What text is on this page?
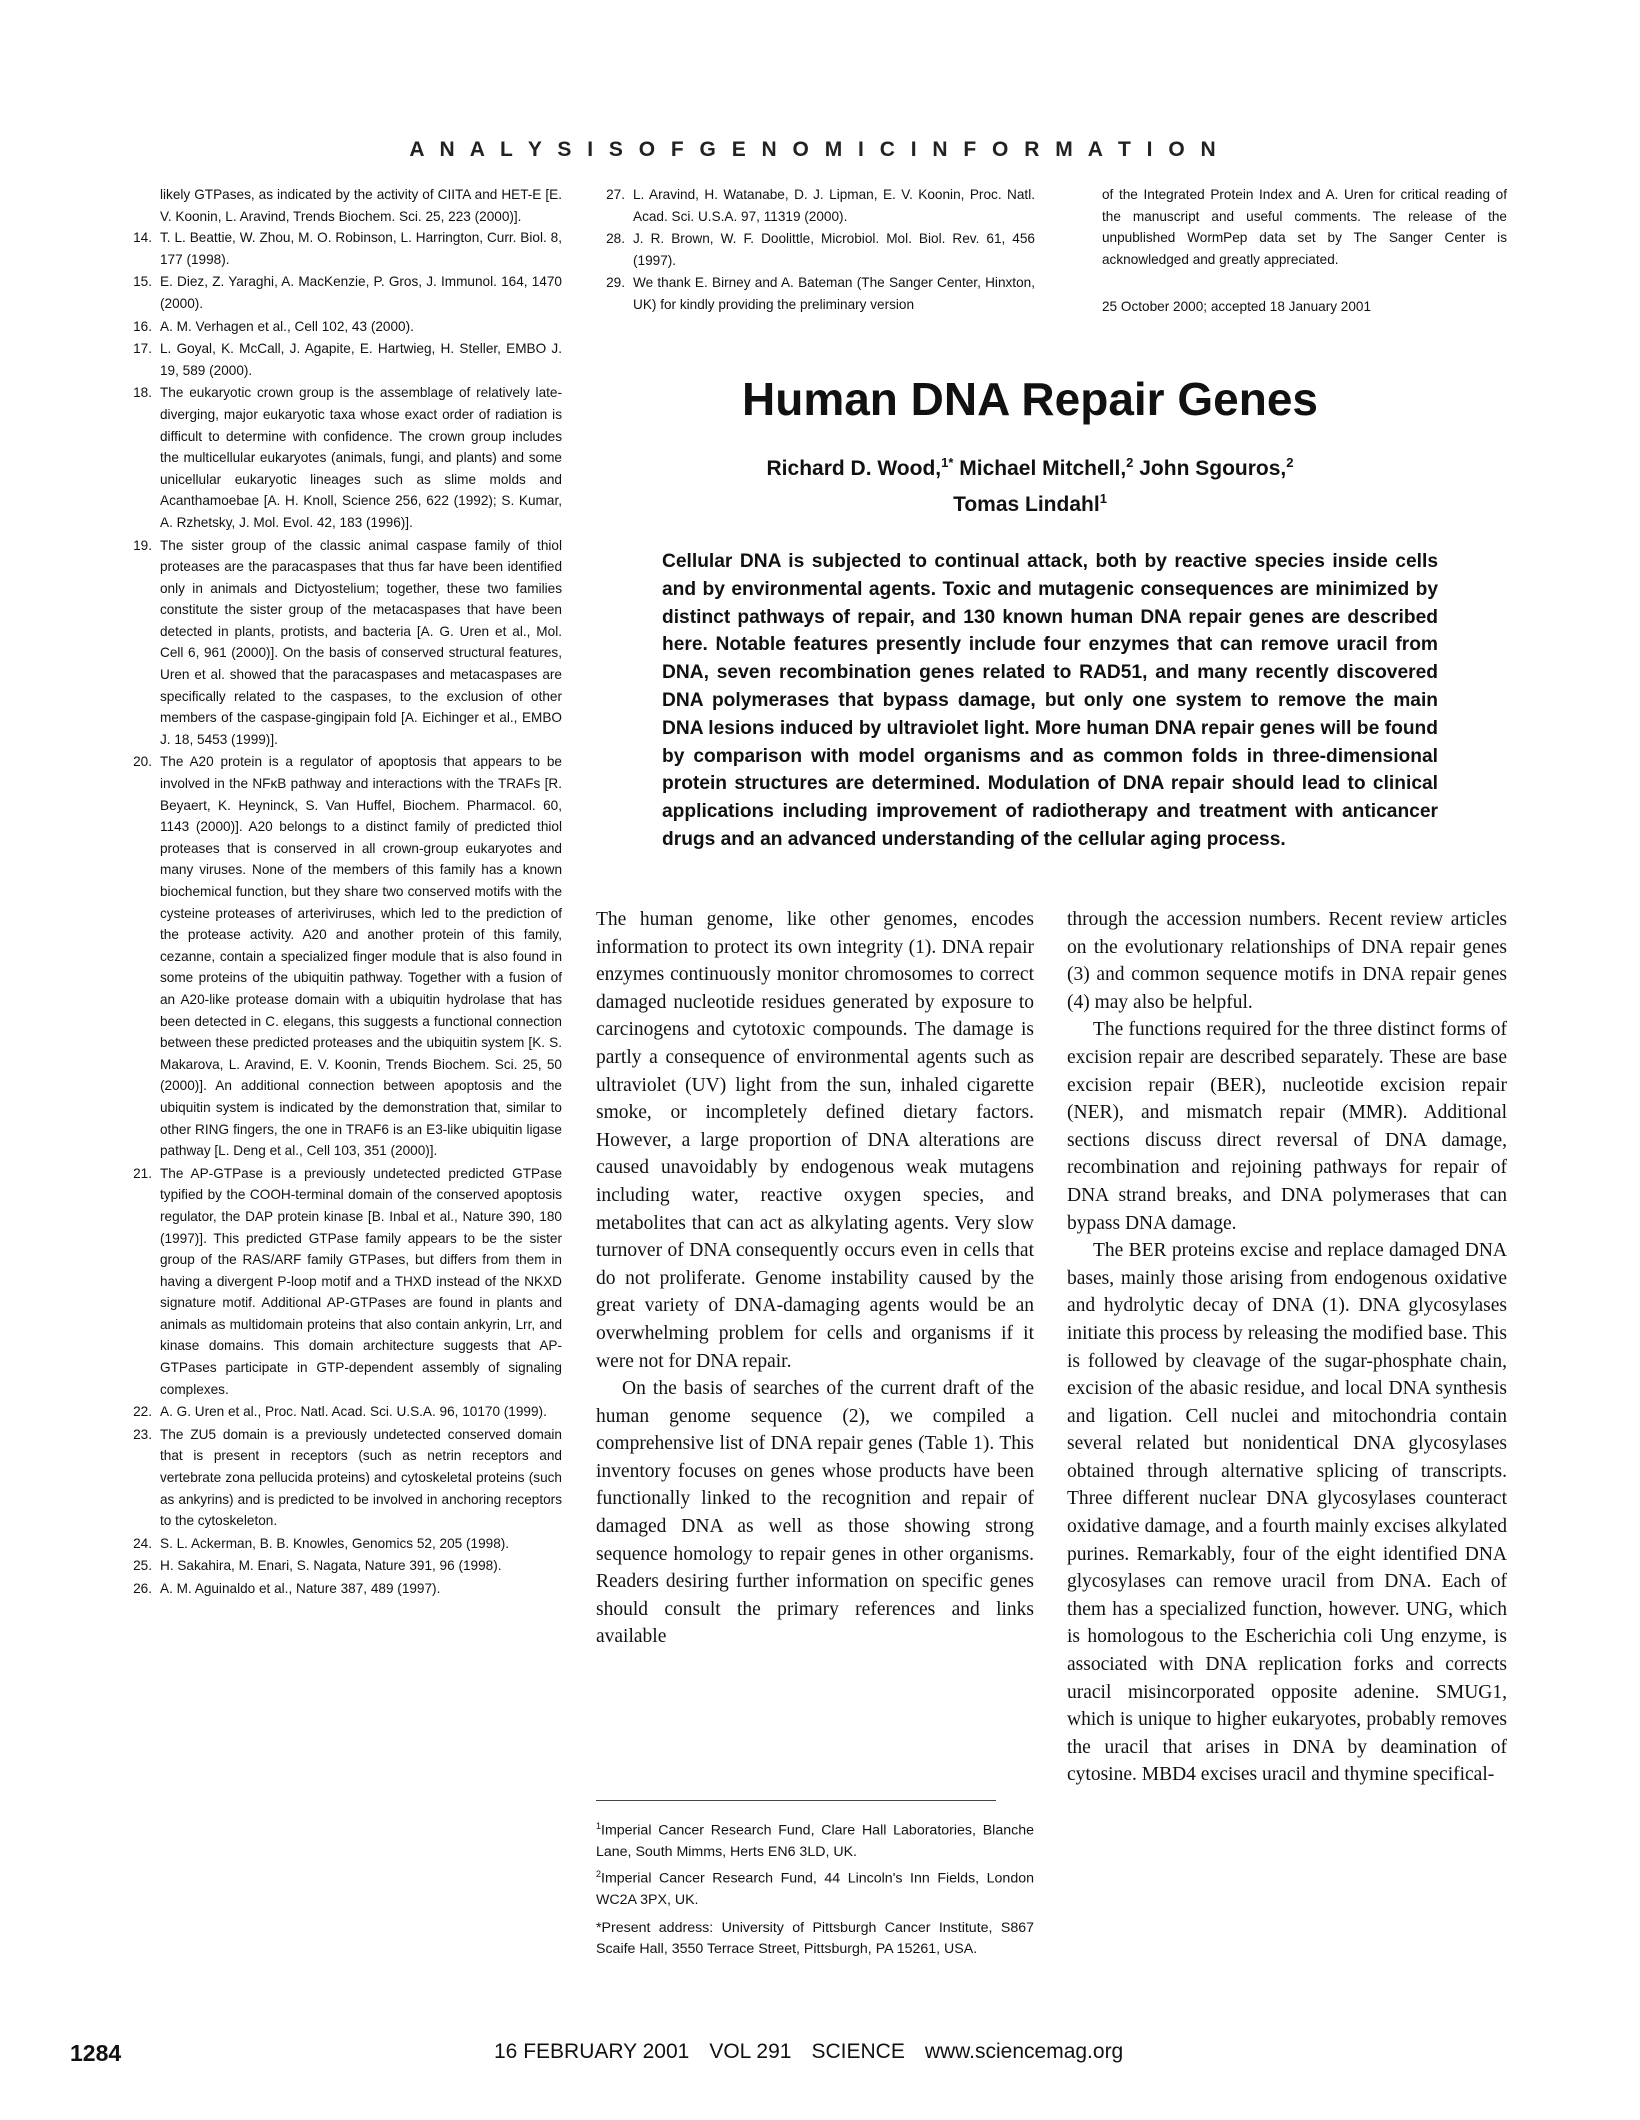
A N A L Y S I S O F G E N O M I C I N F O R M A T I O N
likely GTPases, as indicated by the activity of CIITA and HET-E [E. V. Koonin, L. Aravind, Trends Biochem. Sci. 25, 223 (2000)].
14. T. L. Beattie, W. Zhou, M. O. Robinson, L. Harrington, Curr. Biol. 8, 177 (1998).
15. E. Diez, Z. Yaraghi, A. MacKenzie, P. Gros, J. Immunol. 164, 1470 (2000).
16. A. M. Verhagen et al., Cell 102, 43 (2000).
17. L. Goyal, K. McCall, J. Agapite, E. Hartwieg, H. Steller, EMBO J. 19, 589 (2000).
18. The eukaryotic crown group is the assemblage of relatively late-diverging, major eukaryotic taxa whose exact order of radiation is difficult to determine with confidence. The crown group includes the multicellular eukaryotes (animals, fungi, and plants) and some unicellular eukaryotic lineages such as slime molds and Acanthamoebae [A. H. Knoll, Science 256, 622 (1992); S. Kumar, A. Rzhetsky, J. Mol. Evol. 42, 183 (1996)].
19. The sister group of the classic animal caspase family of thiol proteases are the paracaspases that thus far have been identified only in animals and Dictyostelium; together, these two families constitute the sister group of the metacaspases that have been detected in plants, protists, and bacteria [A. G. Uren et al., Mol. Cell 6, 961 (2000)]. On the basis of conserved structural features, Uren et al. showed that the paracaspases and metacaspases are specifically related to the caspases, to the exclusion of other members of the caspase-gingipain fold [A. Eichinger et al., EMBO J. 18, 5453 (1999)].
20. The A20 protein is a regulator of apoptosis that appears to be involved in the NFκB pathway and interactions with the TRAFs [R. Beyaert, K. Heyninck, S. Van Huffel, Biochem. Pharmacol. 60, 1143 (2000)]. A20 belongs to a distinct family of predicted thiol proteases that is conserved in all crown-group eukaryotes and many viruses. None of the members of this family has a known biochemical function, but they share two conserved motifs with the cysteine proteases of arteriviruses, which led to the prediction of the protease activity. A20 and another protein of this family, cezanne, contain a specialized finger module that is also found in some proteins of the ubiquitin pathway. Together with a fusion of an A20-like protease domain with a ubiquitin hydrolase that has been detected in C. elegans, this suggests a functional connection between these predicted proteases and the ubiquitin system [K. S. Makarova, L. Aravind, E. V. Koonin, Trends Biochem. Sci. 25, 50 (2000)]. An additional connection between apoptosis and the ubiquitin system is indicated by the demonstration that, similar to other RING fingers, the one in TRAF6 is an E3-like ubiquitin ligase pathway [L. Deng et al., Cell 103, 351 (2000)].
21. The AP-GTPase is a previously undetected predicted GTPase typified by the COOH-terminal domain of the conserved apoptosis regulator, the DAP protein kinase [B. Inbal et al., Nature 390, 180 (1997)]. This predicted GTPase family appears to be the sister group of the RAS/ARF family GTPases, but differs from them in having a divergent P-loop motif and a THXD instead of the NKXD signature motif. Additional AP-GTPases are found in plants and animals as multidomain proteins that also contain ankyrin, Lrr, and kinase domains. This domain architecture suggests that AP-GTPases participate in GTP-dependent assembly of signaling complexes.
22. A. G. Uren et al., Proc. Natl. Acad. Sci. U.S.A. 96, 10170 (1999).
23. The ZU5 domain is a previously undetected conserved domain that is present in receptors (such as netrin receptors and vertebrate zona pellucida proteins) and cytoskeletal proteins (such as ankyrins) and is predicted to be involved in anchoring receptors to the cytoskeleton.
24. S. L. Ackerman, B. B. Knowles, Genomics 52, 205 (1998).
25. H. Sakahira, M. Enari, S. Nagata, Nature 391, 96 (1998).
26. A. M. Aguinaldo et al., Nature 387, 489 (1997).
27. L. Aravind, H. Watanabe, D. J. Lipman, E. V. Koonin, Proc. Natl. Acad. Sci. U.S.A. 97, 11319 (2000).
28. J. R. Brown, W. F. Doolittle, Microbiol. Mol. Biol. Rev. 61, 456 (1997).
29. We thank E. Birney and A. Bateman (The Sanger Center, Hinxton, UK) for kindly providing the preliminary version

of the Integrated Protein Index and A. Uren for critical reading of the manuscript and useful comments. The release of the unpublished WormPep data set by The Sanger Center is acknowledged and greatly appreciated.

25 October 2000; accepted 18 January 2001

Human DNA Repair Genes
Richard D. Wood,$^{1*}$ Michael Mitchell,$^2$ John Sgouros,$^2$
Tomas Lindahl$^1$

Cellular DNA is subjected to continual attack, both by reactive species inside cells and by environmental agents. Toxic and mutagenic consequences are minimized by distinct pathways of repair, and 130 known human DNA repair genes are described here. Notable features presently include four enzymes that can remove uracil from DNA, seven recombination genes related to RAD51, and many recently discovered DNA polymerases that bypass damage, but only one system to remove the main DNA lesions induced by ultraviolet light. More human DNA repair genes will be found by comparison with model organisms and as common folds in three-dimensional protein structures are determined. Modulation of DNA repair should lead to clinical applications including improvement of radiotherapy and treatment with anticancer drugs and an advanced understanding of the cellular aging process.

The human genome, like other genomes, encodes information to protect its own integrity (1). DNA repair enzymes continuously monitor chromosomes to correct damaged nucleotide residues generated by exposure to carcinogens and cytotoxic compounds. The damage is partly a consequence of environmental agents such as ultraviolet (UV) light from the sun, inhaled cigarette smoke, or incompletely defined dietary factors. However, a large proportion of DNA alterations are caused unavoidably by endogenous weak mutagens including water, reactive oxygen species, and metabolites that can act as alkylating agents. Very slow turnover of DNA consequently occurs even in cells that do not proliferate. Genome instability caused by the great variety of DNA-damaging agents would be an overwhelming problem for cells and organisms if it were not for DNA repair.

On the basis of searches of the current draft of the human genome sequence (2), we compiled a comprehensive list of DNA repair genes (Table 1). This inventory focuses on genes whose products have been functionally linked to the recognition and repair of damaged DNA as well as those showing strong sequence homology to repair genes in other organisms. Readers desiring further information on specific genes should consult the primary references and links available

through the accession numbers. Recent review articles on the evolutionary relationships of DNA repair genes (3) and common sequence motifs in DNA repair genes (4) may also be helpful.

The functions required for the three distinct forms of excision repair are described separately. These are base excision repair (BER), nucleotide excision repair (NER), and mismatch repair (MMR). Additional sections discuss direct reversal of DNA damage, recombination and rejoining pathways for repair of DNA strand breaks, and DNA polymerases that can bypass DNA damage.

The BER proteins excise and replace damaged DNA bases, mainly those arising from endogenous oxidative and hydrolytic decay of DNA (1). DNA glycosylases initiate this process by releasing the modified base. This is followed by cleavage of the sugar-phosphate chain, excision of the abasic residue, and local DNA synthesis and ligation. Cell nuclei and mitochondria contain several related but nonidentical DNA glycosylases obtained through alternative splicing of transcripts. Three different nuclear DNA glycosylases counteract oxidative damage, and a fourth mainly excises alkylated purines. Remarkably, four of the eight identified DNA glycosylases can remove uracil from DNA. Each of them has a specialized function, however. UNG, which is homologous to the Escherichia coli Ung enzyme, is associated with DNA replication forks and corrects uracil misincorporated opposite adenine. SMUG1, which is unique to higher eukaryotes, probably removes the uracil that arises in DNA by deamination of cytosine. MBD4 excises uracil and thymine specifical-

$^1$Imperial Cancer Research Fund, Clare Hall Laboratories, Blanche Lane, South Mimms, Herts EN6 3LD, UK.

$^2$Imperial Cancer Research Fund, 44 Lincoln's Inn Fields, London WC2A 3PX, UK.

*Present address: University of Pittsburgh Cancer Institute, S867 Scaife Hall, 3550 Terrace Street, Pittsburgh, PA 15261, USA.

1284	16 FEBRUARY 2001 VOL 291 SCIENCE www.sciencemag.org
